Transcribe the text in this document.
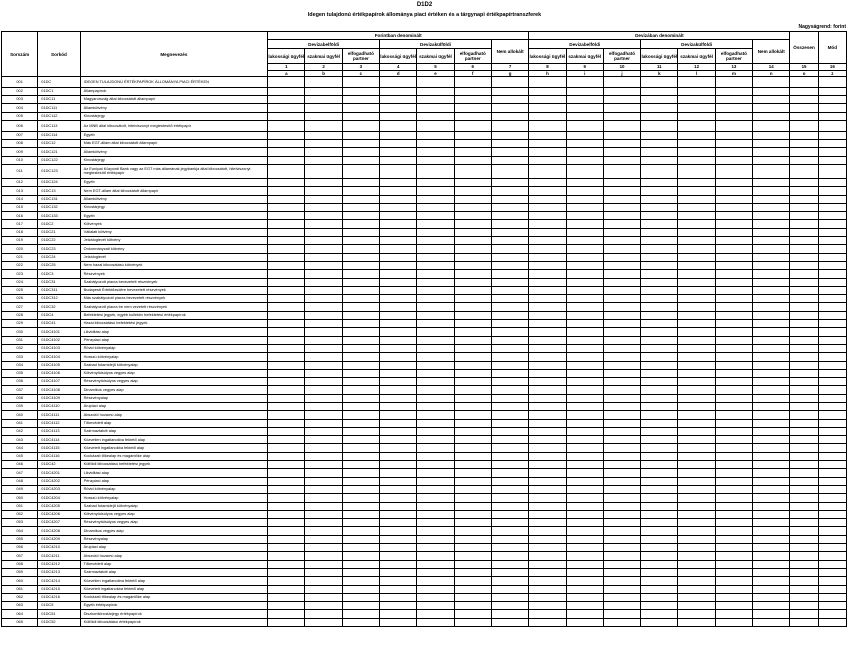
D1D2
Idegen tulajdonú értékpapírok állományа piaci értéken és a tárgynapi értékpapírtranszferek
Nagyságrend: forint
Sorszám	Sorkód	Megnevezés	Forintban denominált							Devizában denominált							Összesen	Mód
			Devizabelföldi			Devizakülföldi			Nem allokált	Devizabelföldi			Devizakülföldi			Nem allokált		
			lakossági ügyfél	szakmai ügyfél	elfogadható partner	lakossági ügyfél	szakmai ügyfél	elfogadható partner		lakossági ügyfél	szakmai ügyfél	elfogadható partner	lakossági ügyfél	szakmai ügyfél	elfogadható partner			
			1	2	3	4	5	6	7	8	9	10	11	12	13	14	15	16
			a	b	c	d	e	f	g	h	i	j	k	l	m	n	o	z
001	01DC	IDEGEN TULAJDONÚ ÉRTÉKPAPÍROK ÁLLOMÁNYA PIACI ÉRTÉKEN																
002	01DC1	Állampapírok																
003	01DC11	Magyarország által kibocsátott állampapír																
004	01DC111	Államkötvény																
005	01DC112	Kincstárjegy																
006	01DC113	Az MNB által kibocsátott, hitelviszonyt megtestesítő értékpapír																
007	01DC114	Egyéb																
008	01DC12	Más EGT-állam által kibocsátott állampapír																
009	01DC121	Államkötvény																
010	01DC122	Kincstárjegy																
011	01DC123	Az Európai Központi Bank vagy az EGT más államának jegybankja által kibocsátott, hitelviszonyt megtestesítő értékpapír																
012	01DC124	Egyéb																
013	01DC13	Nem EGT-állam által kibocsátott állampapír																
014	01DC131	Államkötvény																
015	01DC132	Kincstárjegy																
016	01DC133	Egyéb																
017	01DC2	Kötvények																
018	01DC21	Vállalati kötvény																
019	01DC22	Jelzáloglevél kötvény																
020	01DC23	Önkormányzati kötvény																
021	01DC24	Jelzáloglevél																
022	01DC25	Nem hazai kibocsátású kötvények																
023	01DC3	Részvények																
024	01DC31	Szabályozott piacra bevezetett részvények																
025	01DC311	Budapesti Értéktőzsdére bevezetett részvények																
026	01DC312	Más szabályozott piacra bevezetett részvények																
027	01DC32	Szabályozott piacra be nem vezetett részvények																
028	01DC4	Befektetési jegyek, egyéb kollektív befektetési értékpapírok																
029	01DC41	Hazai kibocsátású befektetési jegyek																
030	01DC4101	Likviditási alap																
031	01DC4102	Pénzpiaci alap																
032	01DC4103	Rövid kötvényalap																
033	01DC4104	Hosszú kötvényalap																
034	01DC4105	Szabad futamidejű kötvényalap																
035	01DC4106	Kötvénytúlsúlyos vegyes alap																
036	01DC4107	Részvénytúlsúlyos vegyes alap																
037	01DC4108	Dinamikus vegyes alap																
038	01DC4109	Részvényalap																
039	01DC4110	Árupiaci alap																
040	01DC4111	Abszolút hozamú alap																
041	01DC4112	Tőkevédett alap																
042	01DC4113	Származtatott alap																
043	01DC4114	Közvetlen ingatlanokba fektető alap																
044	01DC4115	Közvetett ingatlanokba fektető alap																
045	01DC4116	Kockázati tőkealap és magántőke alap																
046	01DC42	Külföldi kibocsátású befektetési jegyek																
047	01DC4201	Likviditási alap																
048	01DC4202	Pénzpiaci alap																
049	01DC4203	Rövid kötvényalap																
050	01DC4204	Hosszú kötvényalap																
051	01DC4205	Szabad futamidejű kötvényalap																
052	01DC4206	Kötvénytúlsúlyos vegyes alap																
053	01DC4207	Részvénytúlsúlyos vegyes alap																
054	01DC4208	Dinamikus vegyes alap																
055	01DC4209	Részvényalap																
056	01DC4210	Árupiaci alap																
057	01DC4211	Abszolút hozamú alap																
058	01DC4212	Tőkevédett alap																
059	01DC4213	Származtatott alap																
060	01DC4214	Közvetlen ingatlanokba fektető alap																
061	01DC4215	Közvetett ingatlanokba fektető alap																
062	01DC4216	Kockázati tőkealap és magántőke alap																
063	01DC5	Egyéb értékpapírok																
064	01DC51	Diszkontkincstárjegy értékpapírok																
065	01DC52	Külföldi kibocsátású értékpapírok																
